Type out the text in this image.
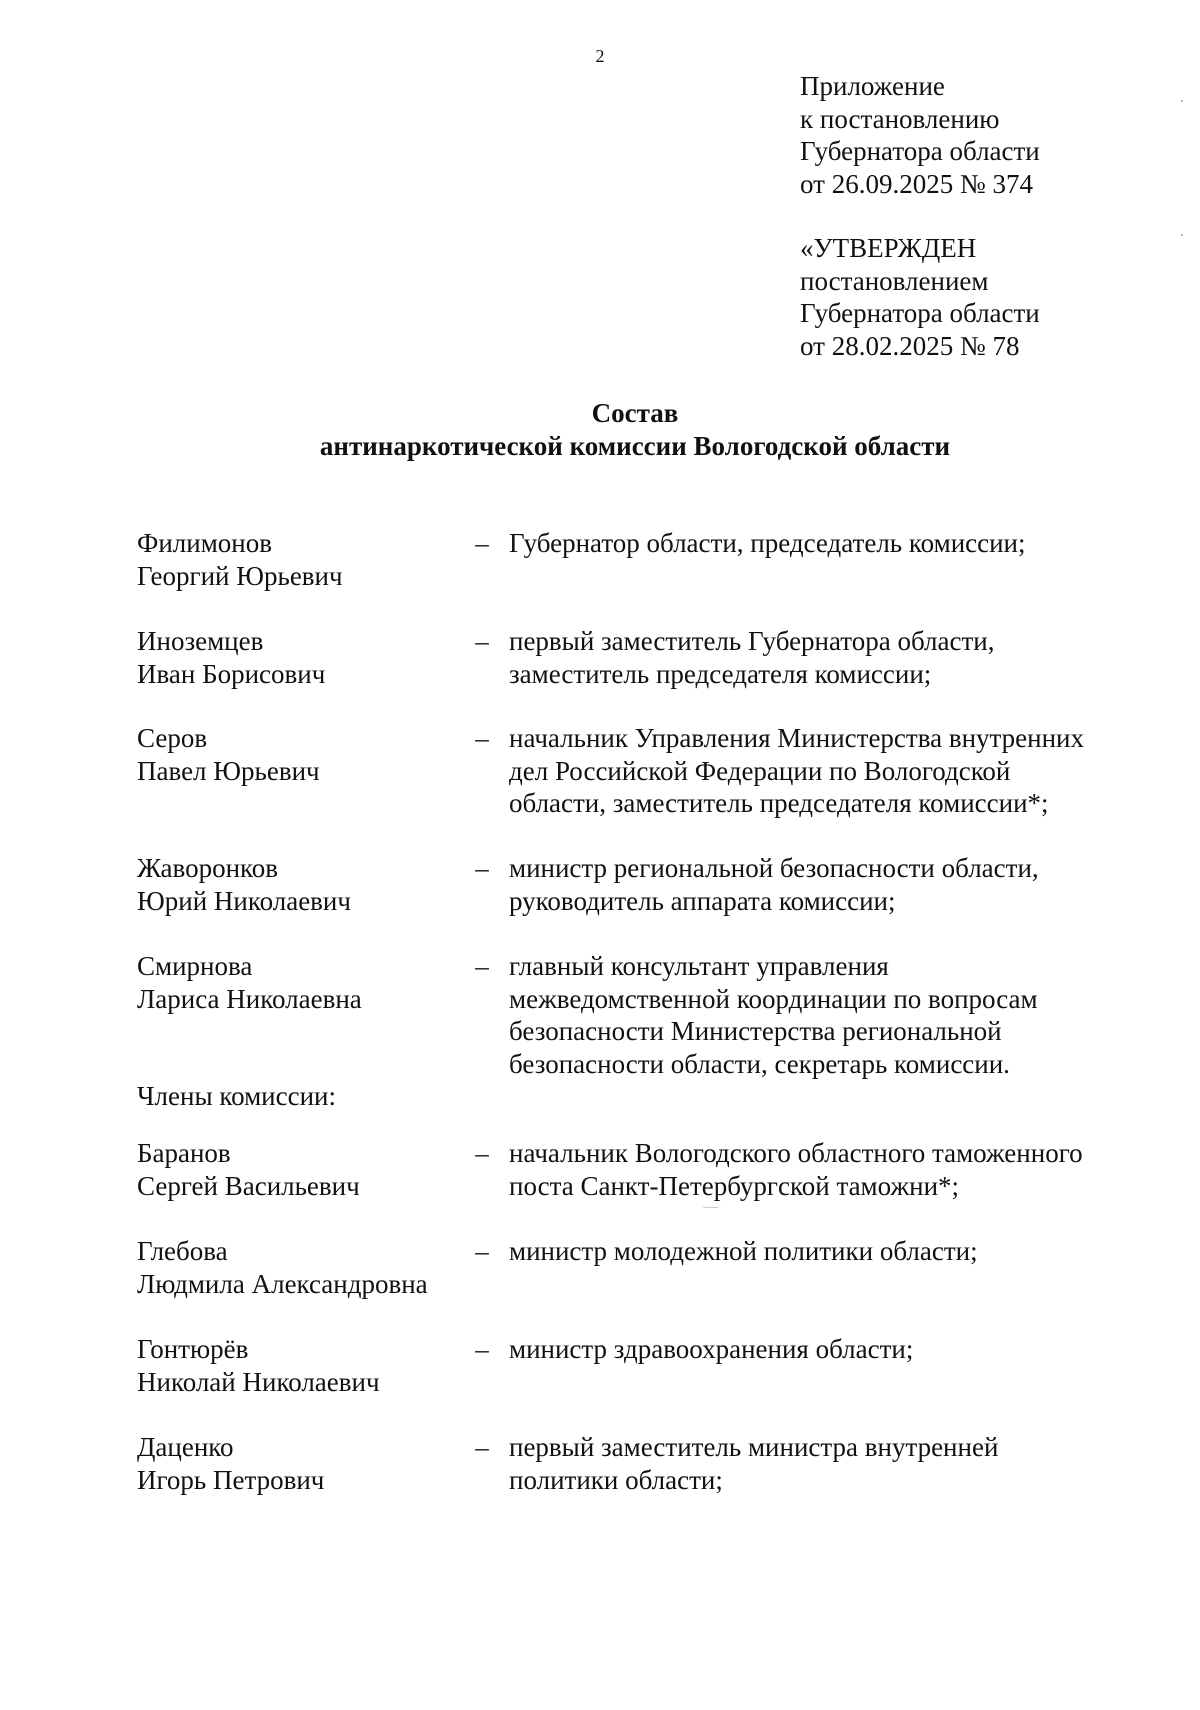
2
Приложение
к постановлению
Губернатора области
от 26.09.2025 № 374
«УТВЕРЖДЕН
постановлением
Губернатора области
от 28.02.2025 № 78
Состав
антинаркотической комиссии Вологодской области
Филимонов
Георгий Юрьевич
– Губернатор области, председатель комиссии;
Иноземцев
Иван Борисович
– первый заместитель Губернатора области,
заместитель председателя комиссии;
Серов
Павел Юрьевич
– начальник Управления Министерства внутренних
дел Российской Федерации по Вологодской
области, заместитель председателя комиссии*;
Жаворонков
Юрий Николаевич
– министр региональной безопасности области,
руководитель аппарата комиссии;
Смирнова
Лариса Николаевна
– главный консультант управления
межведомственной координации по вопросам
безопасности Министерства региональной
безопасности области, секретарь комиссии.
Члены комиссии:
Баранов
Сергей Васильевич
– начальник Вологодского областного таможенного
поста Санкт-Петербургской таможни*;
Глебова
Людмила Александровна
– министр молодежной политики области;
Гонтюрёв
Николай Николаевич
– министр здравоохранения области;
Даценко
Игорь Петрович
– первый заместитель министра внутренней
политики области;
